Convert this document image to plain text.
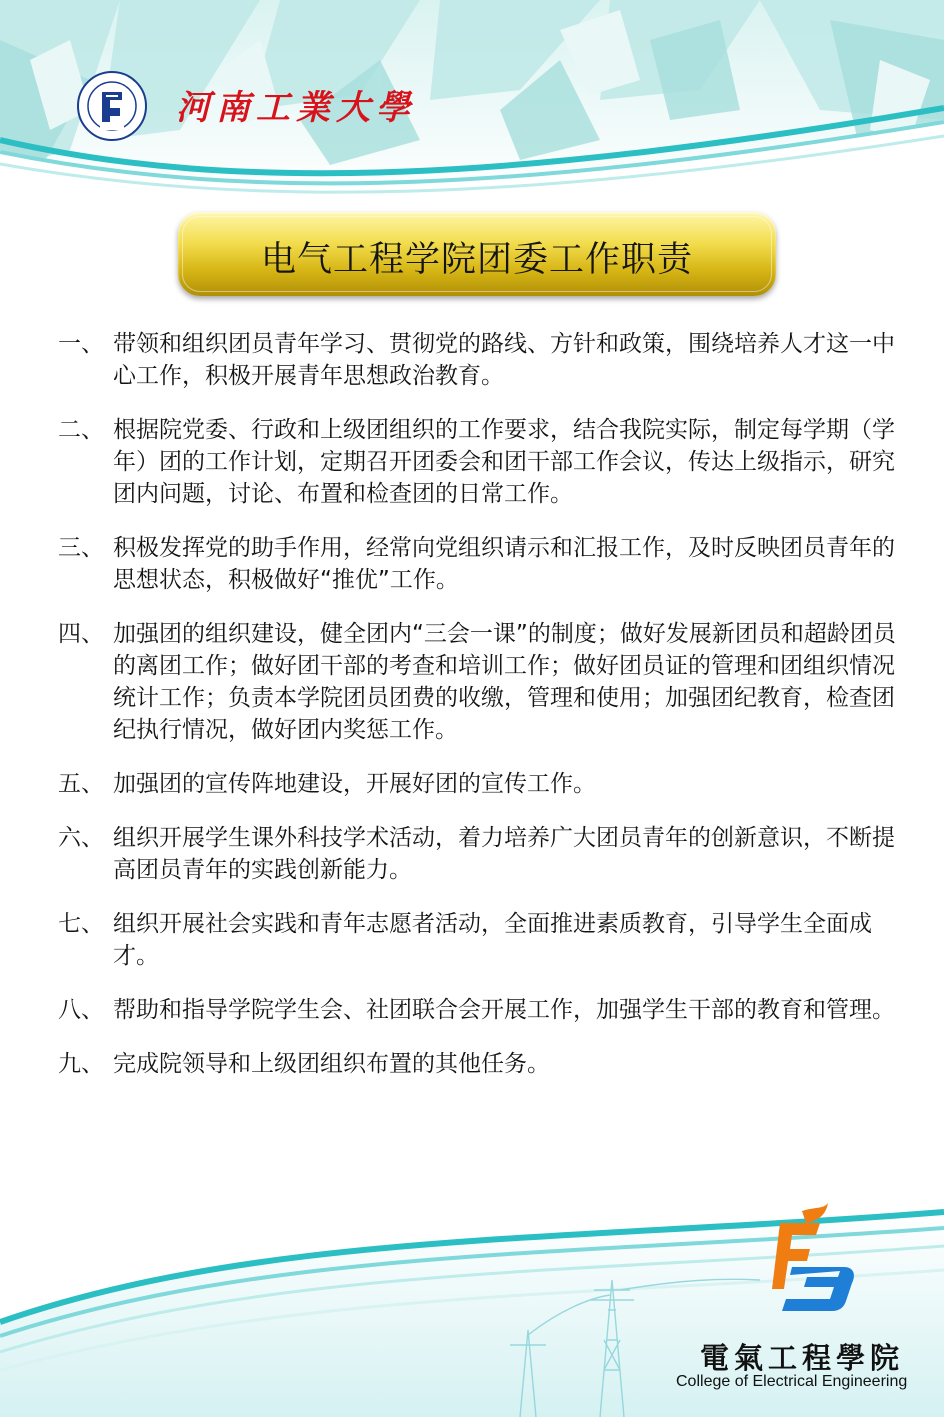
河南工業大學
电气工程学院团委工作职责
一、 带领和组织团员青年学习、贯彻党的路线、方针和政策，围绕培养人才这一中心工作，积极开展青年思想政治教育。
二、 根据院党委、行政和上级团组织的工作要求，结合我院实际，制定每学期（学年）团的工作计划，定期召开团委会和团干部工作会议，传达上级指示，研究团内问题，讨论、布置和检查团的日常工作。
三、 积极发挥党的助手作用，经常向党组织请示和汇报工作，及时反映团员青年的思想状态，积极做好“推优”工作。
四、 加强团的组织建设，健全团内“三会一课”的制度；做好发展新团员和超龄团员的离团工作；做好团干部的考查和培训工作；做好团员证的管理和团组织情况统计工作；负责本学院团员团费的收缴，管理和使用；加强团纪教育，检查团纪执行情况，做好团内奖惩工作。
五、 加强团的宣传阵地建设，开展好团的宣传工作。
六、 组织开展学生课外科技学术活动，着力培养广大团员青年的创新意识，不断提高团员青年的实践创新能力。
七、 组织开展社会实践和青年志愿者活动，全面推进素质教育，引导学生全面成才。
八、 帮助和指导学院学生会、社团联合会开展工作，加强学生干部的教育和管理。
九、 完成院领导和上级团组织布置的其他任务。
電氣工程學院
College of Electrical Engineering
